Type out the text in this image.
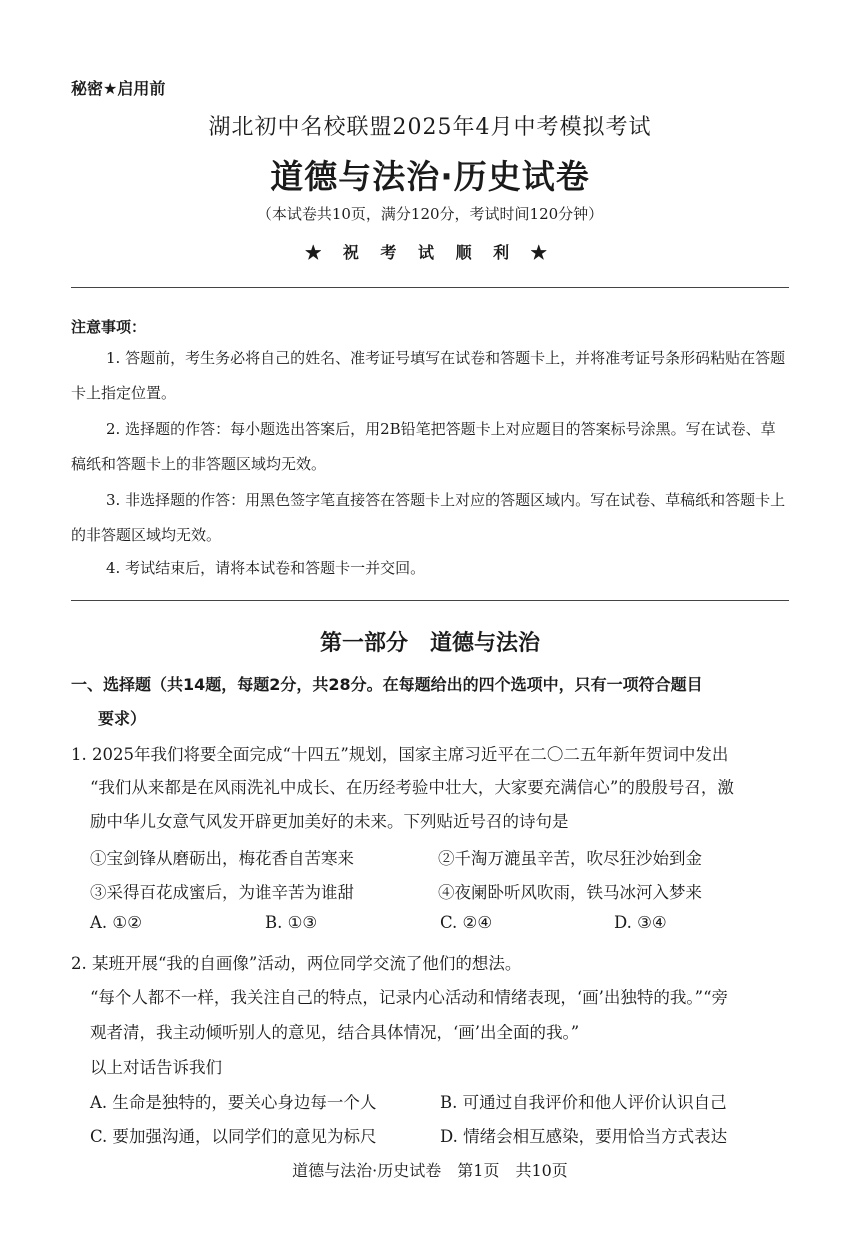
秘密★启用前
湖北初中名校联盟2025年4月中考模拟考试
道德与法治·历史试卷
（本试卷共10页，满分120分，考试时间120分钟）
★ 祝 考 试 顺 利 ★
注意事项：
1. 答题前，考生务必将自己的姓名、准考证号填写在试卷和答题卡上，并将准考证号条形码粘贴在答题卡上指定位置。
2. 选择题的作答：每小题选出答案后，用2B铅笔把答题卡上对应题目的答案标号涂黑。写在试卷、草稿纸和答题卡上的非答题区域均无效。
3. 非选择题的作答：用黑色签字笔直接答在答题卡上对应的答题区域内。写在试卷、草稿纸和答题卡上的非答题区域均无效。
4. 考试结束后，请将本试卷和答题卡一并交回。
第一部分　道德与法治
一、选择题（共14题，每题2分，共28分。在每题给出的四个选项中，只有一项符合题目
要求）
1. 2025年我们将要全面完成“十四五”规划，国家主席习近平在二〇二五年新年贺词中发出
“我们从来都是在风雨洗礼中成长、在历经考验中壮大，大家要充满信心”的殷殷号召，激
励中华儿女意气风发开辟更加美好的未来。下列贴近号召的诗句是
①宝剑锋从磨砺出，梅花香自苦寒来	②千淘万漉虽辛苦，吹尽狂沙始到金
③采得百花成蜜后，为谁辛苦为谁甜	④夜阑卧听风吹雨，铁马冰河入梦来
A. ①②	B. ①③	C. ②④	D. ③④
2. 某班开展“我的自画像”活动，两位同学交流了他们的想法。
“每个人都不一样，我关注自己的特点，记录内心活动和情绪表现，‘画’出独特的我。”“旁
观者清，我主动倾听别人的意见，结合具体情况，‘画’出全面的我。”
以上对话告诉我们
A. 生命是独特的，要关心身边每一个人	B. 可通过自我评价和他人评价认识自己
C. 要加强沟通，以同学们的意见为标尺	D. 情绪会相互感染，要用恰当方式表达
道德与法治·历史试卷　第1页　共10页
